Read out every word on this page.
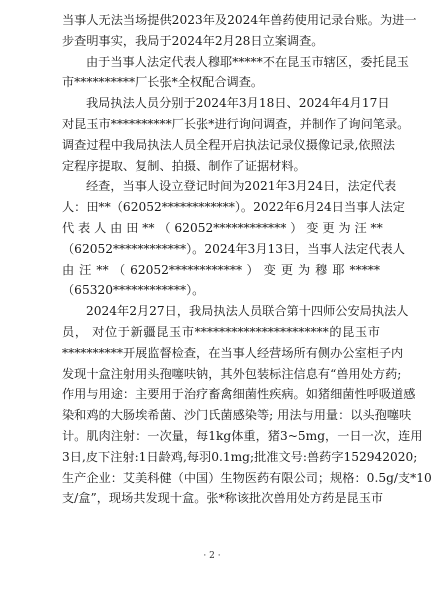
当事人无法当场提供2023年及2024年兽药使用记录台账。为进一
步查明事实，我局于2024年2月28日立案调查。
由于当事人法定代表人穆耶*****不在昆玉市辖区，委托昆玉
市**********厂长张*全权配合调查。
我局执法人员分别于2024年3月18日、2024年4月17日
对昆玉市**********厂长张*进行询问调查，并制作了询问笔录。
调查过程中我局执法人员全程开启执法记录仪摄像记录,依照法
定程序提取、复制、拍摄、制作了证据材料。
经查，当事人设立登记时间为2021年3月24日，法定代表
人：田**（62052************）。2022年6月24日当事人法定
代 表 人 由 田 ** （ 62052************ ） 变 更 为 汪 **
（62052************）。2024年3月13日，当事人法定代表人
由 汪 ** （ 62052************ ） 变 更 为 穆 耶 *****
（65320************）。
2024年2月27日，我局执法人员联合第十四师公安局执法人
员， 对位于新疆昆玉市**********************的昆玉市
**********开展监督检查，在当事人经营场所有侧办公室柜子内
发现十盒注射用头孢噻呋钠，其外包装标注信息有“兽用处方药;
作用与用途：主要用于治疗畜禽细菌性疾病。如猪细菌性呼吸道感
染和鸡的大肠埃希菌、沙门氏菌感染等; 用法与用量：以头孢噻呋
计。肌肉注射：一次量，每1kg体重，猪3~5mg，一日一次，连用
3日,皮下注射:1日龄鸡,每羽0.1mg;批准文号:兽药字152942020;
生产企业：艾美科健（中国）生物医药有限公司；规格：0.5g/支*10
支/盒”，现场共发现十盒。张*称该批次兽用处方药是昆玉市
· 2 ·
